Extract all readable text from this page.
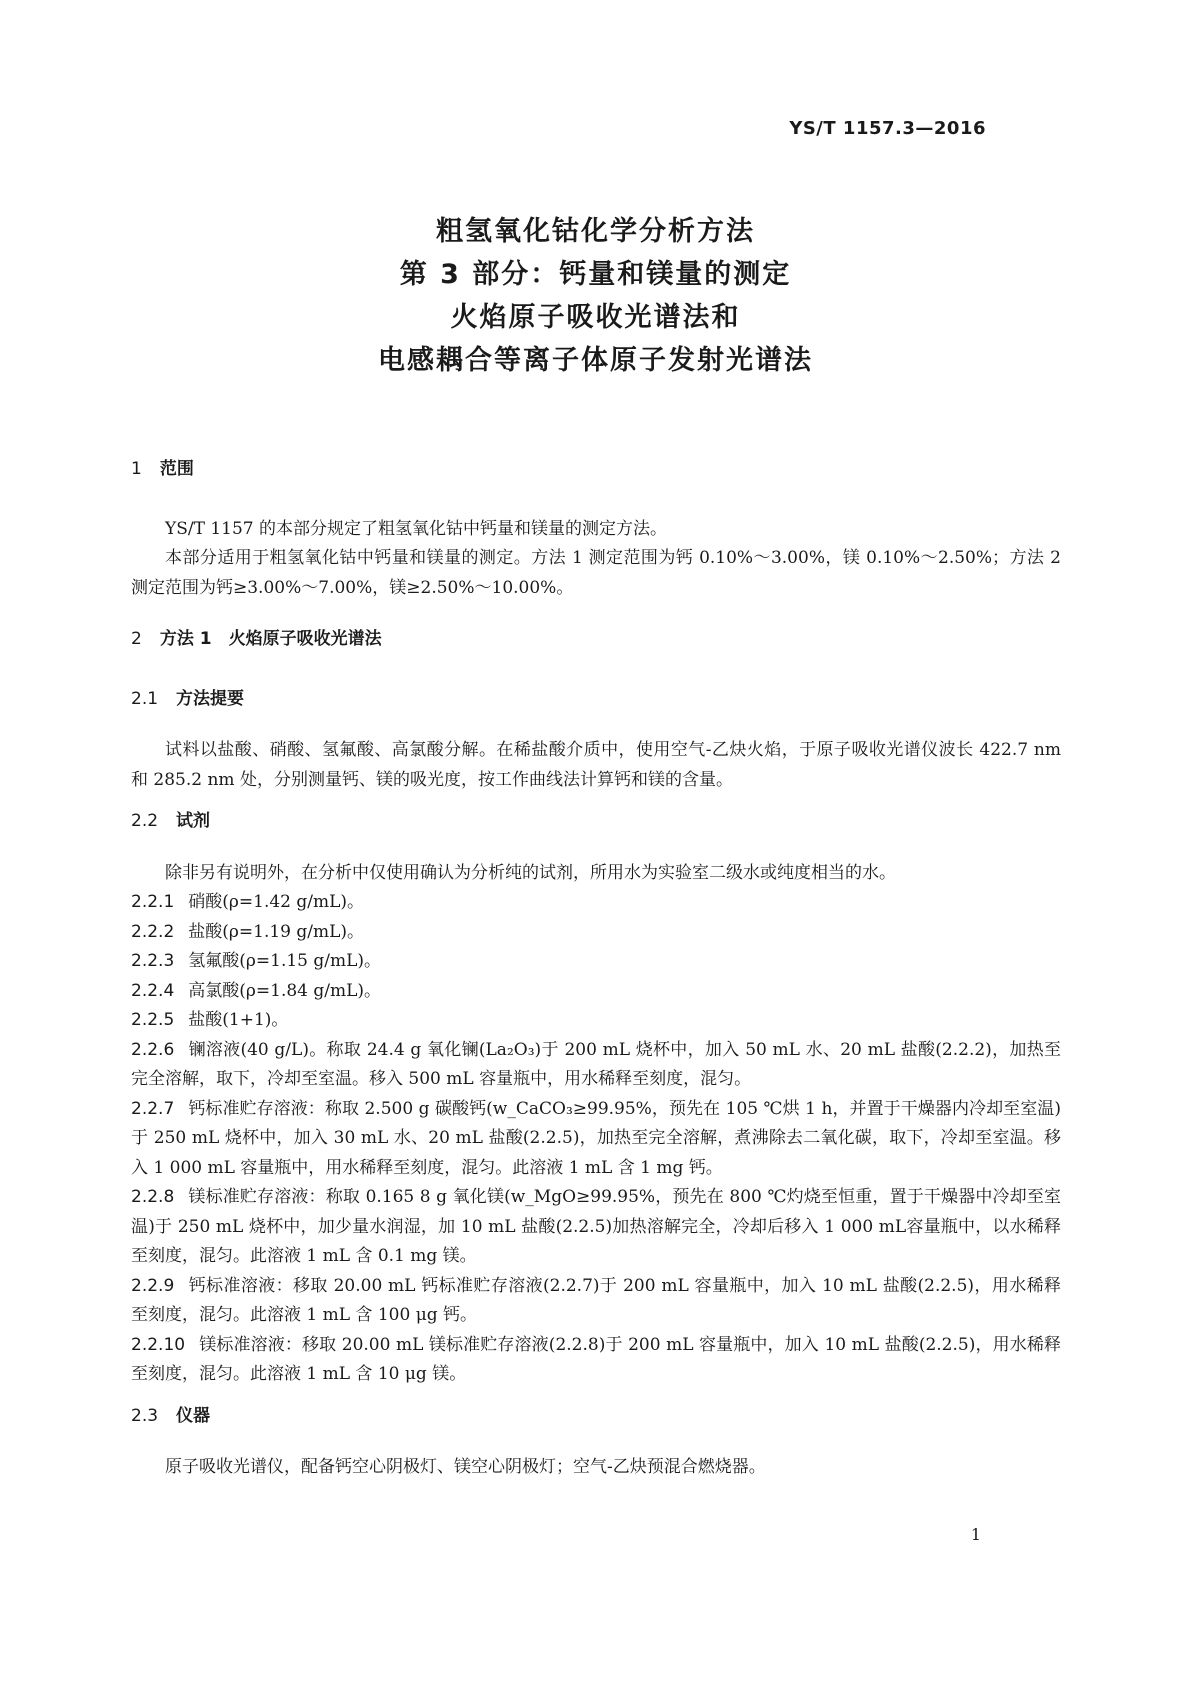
YS/T 1157.3—2016
粗氢氧化钴化学分析方法
第 3 部分：钙量和镁量的测定
火焰原子吸收光谱法和
电感耦合等离子体原子发射光谱法
1 范围
YS/T 1157 的本部分规定了粗氢氧化钴中钙量和镁量的测定方法。
本部分适用于粗氢氧化钴中钙量和镁量的测定。方法 1 测定范围为钙 0.10%～3.00%，镁 0.10%～2.50%；方法 2 测定范围为钙≥3.00%～7.00%，镁≥2.50%～10.00%。
2 方法 1　火焰原子吸收光谱法
2.1 方法提要
试料以盐酸、硝酸、氢氟酸、高氯酸分解。在稀盐酸介质中，使用空气-乙炔火焰，于原子吸收光谱仪波长 422.7 nm 和 285.2 nm 处，分别测量钙、镁的吸光度，按工作曲线法计算钙和镁的含量。
2.2 试剂
除非另有说明外，在分析中仅使用确认为分析纯的试剂，所用水为实验室二级水或纯度相当的水。
2.2.1 硝酸(ρ=1.42 g/mL)。
2.2.2 盐酸(ρ=1.19 g/mL)。
2.2.3 氢氟酸(ρ=1.15 g/mL)。
2.2.4 高氯酸(ρ=1.84 g/mL)。
2.2.5 盐酸(1+1)。
2.2.6 镧溶液(40 g/L)。称取 24.4 g 氧化镧(La₂O₃)于 200 mL 烧杯中，加入 50 mL 水、20 mL 盐酸(2.2.2)，加热至完全溶解，取下，冷却至室温。移入 500 mL 容量瓶中，用水稀释至刻度，混匀。
2.2.7 钙标准贮存溶液：称取 2.500 g 碳酸钙(w_CaCO₃≥99.95%，预先在 105 ℃烘 1 h，并置于干燥器内冷却至室温)于 250 mL 烧杯中，加入 30 mL 水、20 mL 盐酸(2.2.5)，加热至完全溶解，煮沸除去二氧化碳，取下，冷却至室温。移入 1 000 mL 容量瓶中，用水稀释至刻度，混匀。此溶液 1 mL 含 1 mg 钙。
2.2.8 镁标准贮存溶液：称取 0.165 8 g 氧化镁(w_MgO≥99.95%，预先在 800 ℃灼烧至恒重，置于干燥器中冷却至室温)于 250 mL 烧杯中，加少量水润湿，加 10 mL 盐酸(2.2.5)加热溶解完全，冷却后移入 1 000 mL容量瓶中，以水稀释至刻度，混匀。此溶液 1 mL 含 0.1 mg 镁。
2.2.9 钙标准溶液：移取 20.00 mL 钙标准贮存溶液(2.2.7)于 200 mL 容量瓶中，加入 10 mL 盐酸(2.2.5)，用水稀释至刻度，混匀。此溶液 1 mL 含 100 μg 钙。
2.2.10 镁标准溶液：移取 20.00 mL 镁标准贮存溶液(2.2.8)于 200 mL 容量瓶中，加入 10 mL 盐酸(2.2.5)，用水稀释至刻度，混匀。此溶液 1 mL 含 10 μg 镁。
2.3 仪器
原子吸收光谱仪，配备钙空心阴极灯、镁空心阴极灯；空气-乙炔预混合燃烧器。
1
